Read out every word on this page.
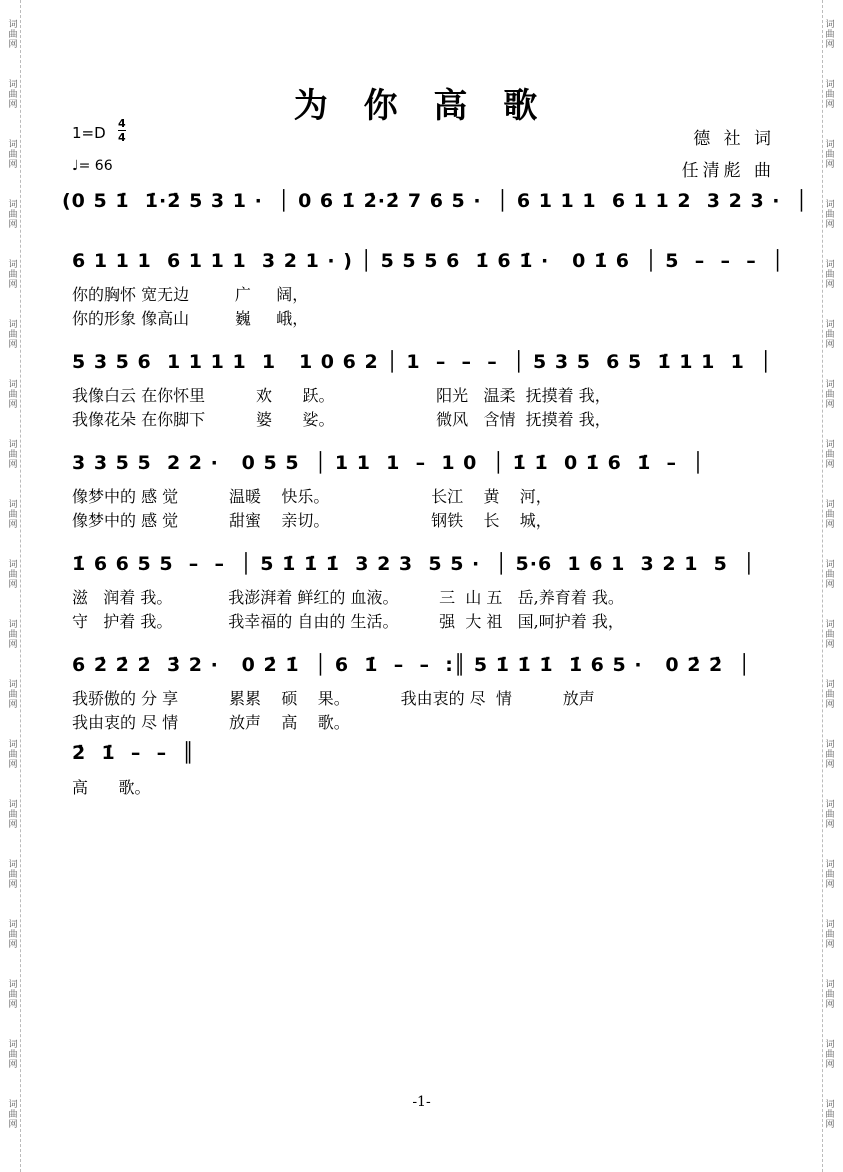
词
曲
网
词
曲
网
词
曲
网
词
曲
网
词
曲
网
词
曲
网
词
曲
网
词
曲
网
词
曲
网
词
曲
网
词
曲
网
词
曲
网
词
曲
网
词
曲
网
词
曲
网
词
曲
网
词
曲
网
词
曲
网
词
曲
网
词
曲
网
词
曲
网
词
曲
网
词
曲
网
词
曲
网
词
曲
网
词
曲
网
词
曲
网
词
曲
网
词
曲
网
词
曲
网
词
曲
网
词
曲
网
词
曲
网
词
曲
网
词
曲
网
词
曲
网
词
曲
网
词
曲
网
为 你 高 歌
1=D
4
4
♩= 66
德 社 词
任清彪 曲
(0 5 1̇  1̇·2̇ 5 3 1 ·  │ 0 6 1̇ 2̇·2̇ 7 6 5 ·  │ 6 1 1 1  6 1 1 2  3 2 3 ·  │
6 1 1 1  6 1 1 1  3 2 1 · ) │ 5 5 5 6  1̇ 6 1̇ ·   0 1̇ 6  │ 5  –  –  –  │
你的胸怀 宽无边         广     阔，
你的形象 像高山         巍     峨，
5 3 5 6  1 1 1 1  1   1 0 6 2 │ 1  –  –  –  │ 5 3 5  6 5  1̇ 1 1  1  │
我像白云 在你怀里          欢      跃。                    阳光   温柔  抚摸着 我，
我像花朵 在你脚下          婆      娑。                    微风   含情  抚摸着 我，
3 3 5 5  2 2 ·   0 5 5  │ 1 1  1  –  1 0  │ 1̇ 1̇  0 1̇ 6  1̇  –  │
像梦中的 感 觉          温暖    快乐。                    长江    黄    河，
像梦中的 感 觉          甜蜜    亲切。                    钢铁    长    城，
1̇ 6 6 5 5  –  –  │ 5 1̇ 1̇ 1̇  3 2 3  5 5 ·  │ 5·6  1 6 1  3 2 1  5  │
滋   润着 我。           我澎湃着 鲜红的 血液。        三  山 五   岳,养育着 我。
守   护着 我。           我幸福的 自由的 生活。        强  大 祖   国,呵护着 我，
6 2̇ 2̇ 2̇  3̇ 2 ·   0 2̇ 1̇  │ 6  1̇  –  –  :║ 5 1̇ 1̇ 1̇  1̇ 6 5 ·   0 2̇ 2̇  │
我骄傲的 分 享          累累    硕    果。          我由衷的 尽  情          放声
我由衷的 尽 情          放声    高    歌。
2̇  1̇  –  –  ║
高      歌。
-1-
